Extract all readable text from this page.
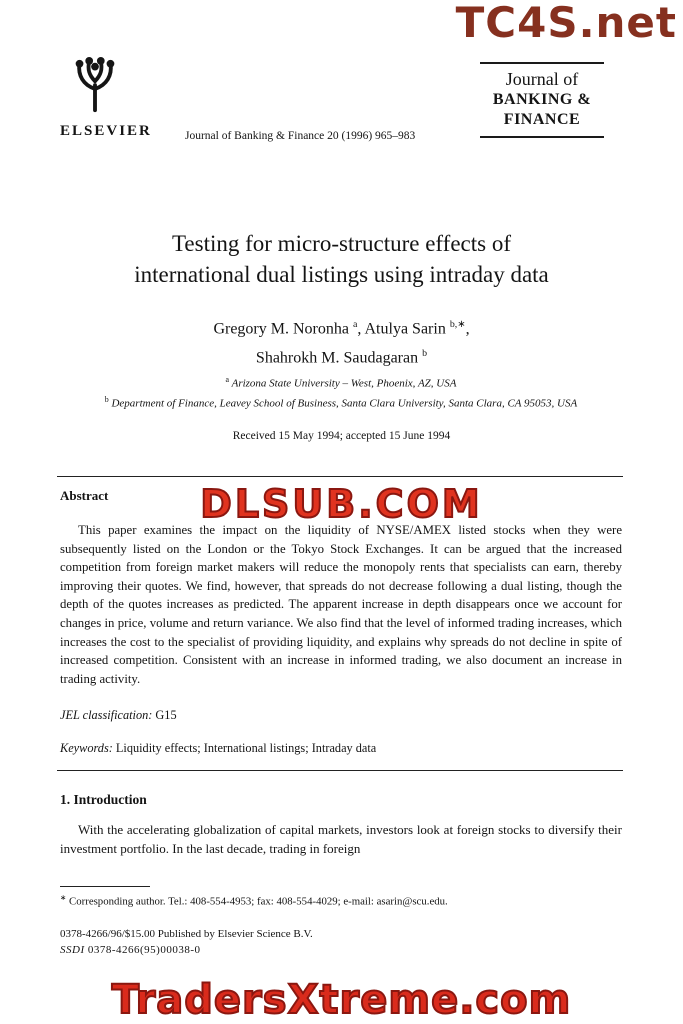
TC4S.net
DLSUB.COM
TradersXtreme.com
ELSEVIER	Journal of Banking & Finance 20 (1996) 965–983
Journal of
BANKING &
FINANCE
Testing for micro-structure effects of
international dual listings using intraday data
Gregory M. Noronha $^a$, Atulya Sarin $^{b,∗}$,
Shahrokh M. Saudagaran $^b$
$^a$ Arizona State University – West, Phoenix, AZ, USA
$^b$ Department of Finance, Leavey School of Business, Santa Clara University, Santa Clara, CA 95053, USA
Received 15 May 1994; accepted 15 June 1994
Abstract

This paper examines the impact on the liquidity of NYSE/AMEX listed stocks when they were subsequently listed on the London or the Tokyo Stock Exchanges. It can be argued that the increased competition from foreign market makers will reduce the monopoly rents that specialists can earn, thereby improving their quotes. We find, however, that spreads do not decrease following a dual listing, though the depth of the quotes increases as predicted. The apparent increase in depth disappears once we account for changes in price, volume and return variance. We also find that the level of informed trading increases, which increases the cost to the specialist of providing liquidity, and explains why spreads do not decline in spite of increased competition. Consistent with an increase in informed trading, we also document an increase in trading activity.

JEL classification: G15
Keywords: Liquidity effects; International listings; Intraday data
1. Introduction

With the accelerating globalization of capital markets, investors look at foreign stocks to diversify their investment portfolio. In the last decade, trading in foreign

∗ Corresponding author. Tel.: 408-554-4953; fax: 408-554-4029; e-mail: asarin@scu.edu.
0378-4266/96/$15.00 Published by Elsevier Science B.V.
SSDI 0378-4266(95)00038-0
